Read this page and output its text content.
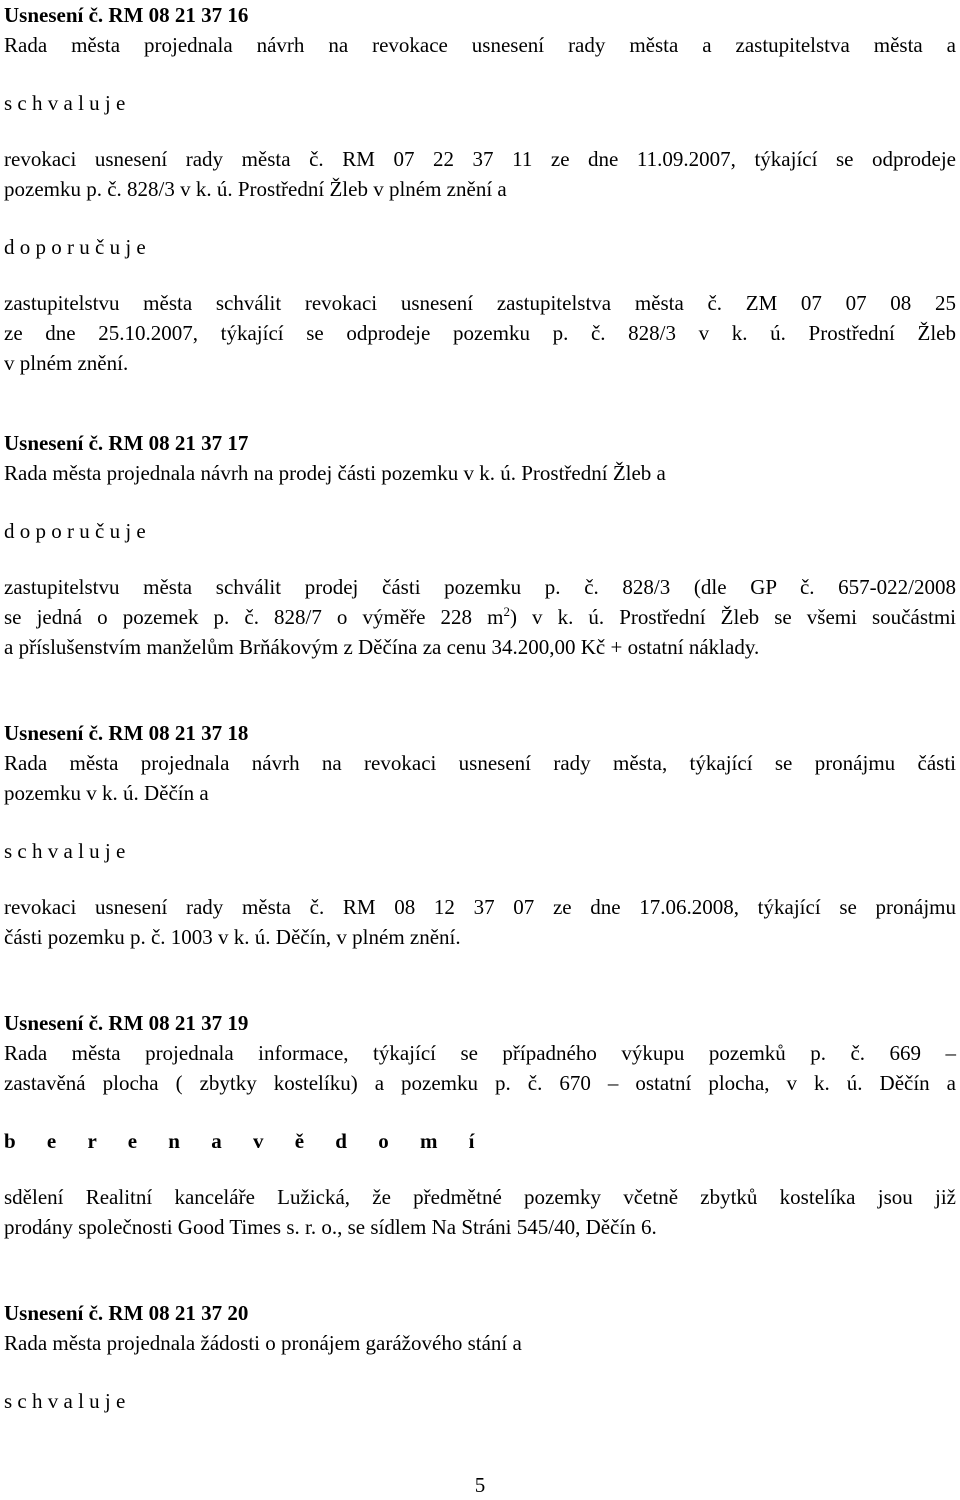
Usnesení č. RM 08 21 37 16
Rada města projednala návrh na revokace usnesení rady města a zastupitelstva města a
s c h v a l u j e
revokaci usnesení rady města č. RM 07 22 37 11 ze dne 11.09.2007, týkající se odprodeje
pozemku p. č. 828/3 v k. ú. Prostřední Žleb v plném znění a
d o p o r u č u j e
zastupitelstvu města schválit revokaci usnesení zastupitelstva města č. ZM 07 07 08 25
ze dne 25.10.2007, týkající se odprodeje pozemku p. č. 828/3 v k. ú. Prostřední Žleb
v plném znění.
Usnesení č. RM 08 21 37 17
Rada města projednala návrh na prodej části pozemku v k. ú. Prostřední Žleb a
d o p o r u č u j e
zastupitelstvu města schválit prodej části pozemku p. č. 828/3 (dle GP č. 657-022/2008
se jedná o pozemek p. č. 828/7 o výměře 228 $m^2$) v k. ú. Prostřední Žleb se všemi součástmi
a příslušenstvím manželům Brňákovým z Děčína za cenu 34.200,00 Kč + ostatní náklady.
Usnesení č. RM 08 21 37 18
Rada města projednala návrh na revokaci usnesení rady města, týkající se pronájmu části
pozemku v k. ú. Děčín a
s c h v a l u j e
revokaci usnesení rady města č. RM 08 12 37 07 ze dne 17.06.2008, týkající se pronájmu
části pozemku p. č. 1003 v k. ú. Děčín, v plném znění.
Usnesení č. RM 08 21 37 19
Rada města projednala informace, týkající se případného výkupu pozemků p. č. 669 –
zastavěná plocha ( zbytky kostelíku) a pozemku p. č. 670 – ostatní plocha, v k. ú. Děčín a
b e r e n a v ě d o m í
sdělení Realitní kanceláře Lužická, že předmětné pozemky včetně zbytků kostelíka jsou již
prodány společnosti Good Times s. r. o., se sídlem Na Stráni 545/40, Děčín 6.
Usnesení č. RM 08 21 37 20
Rada města projednala žádosti o pronájem garážového stání a
s c h v a l u j e
5
